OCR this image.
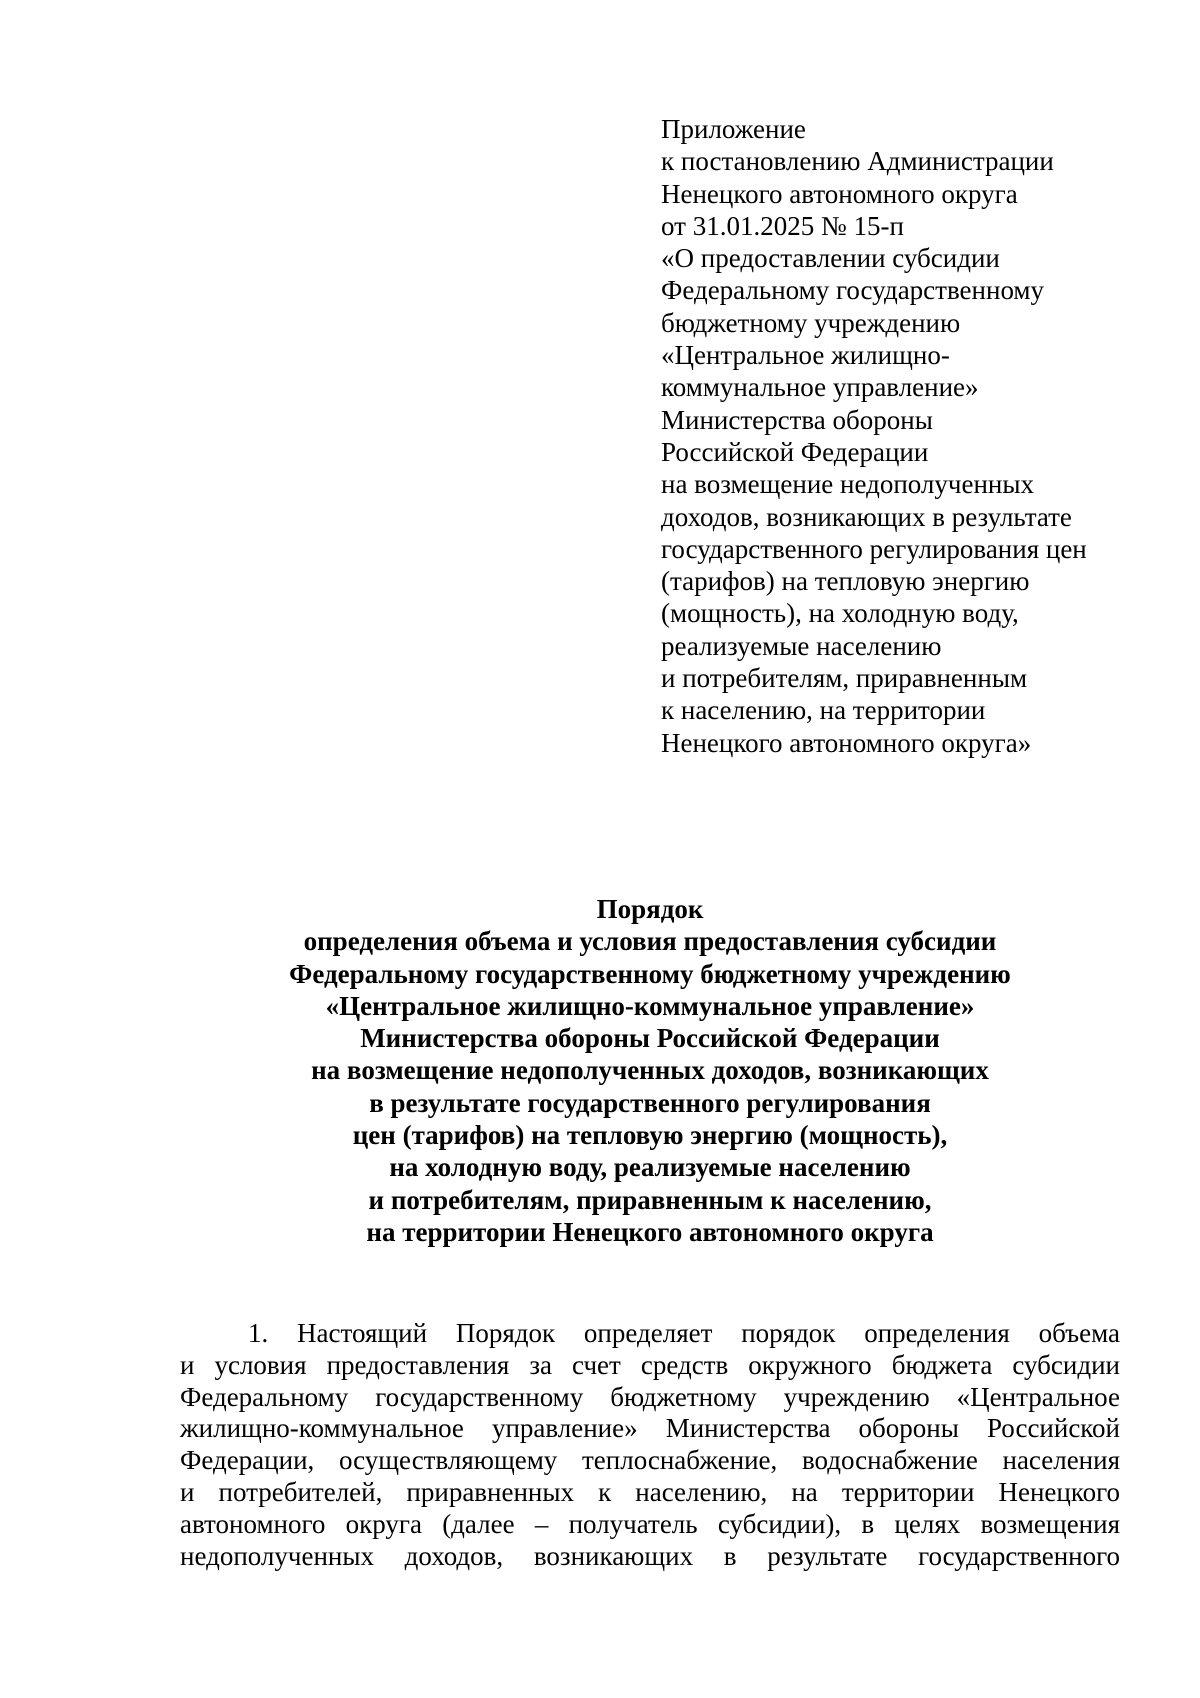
Приложение
к постановлению Администрации
Ненецкого автономного округа
от 31.01.2025 № 15-п
«О предоставлении субсидии
Федеральному государственному
бюджетному учреждению
«Центральное жилищно-
коммунальное управление»
Министерства обороны
Российской Федерации
на возмещение недополученных
доходов, возникающих в результате
государственного регулирования цен
(тарифов) на тепловую энергию
(мощность), на холодную воду,
реализуемые населению
и потребителям, приравненным
к населению, на территории
Ненецкого автономного округа»
Порядок
определения объема и условия предоставления субсидии
Федеральному государственному бюджетному учреждению
«Центральное жилищно-коммунальное управление»
Министерства обороны Российской Федерации
на возмещение недополученных доходов, возникающих
в результате государственного регулирования
цен (тарифов) на тепловую энергию (мощность),
на холодную воду, реализуемые населению
и потребителям, приравненным к населению,
на территории Ненецкого автономного округа
1. Настоящий Порядок определяет порядок определения объема
и условия предоставления за счет средств окружного бюджета субсидии
Федеральному государственному бюджетному учреждению «Центральное
жилищно-коммунальное управление» Министерства обороны Российской
Федерации, осуществляющему теплоснабжение, водоснабжение населения
и потребителей, приравненных к населению, на территории Ненецкого
автономного округа (далее – получатель субсидии), в целях возмещения
недополученных доходов, возникающих в результате государственного
